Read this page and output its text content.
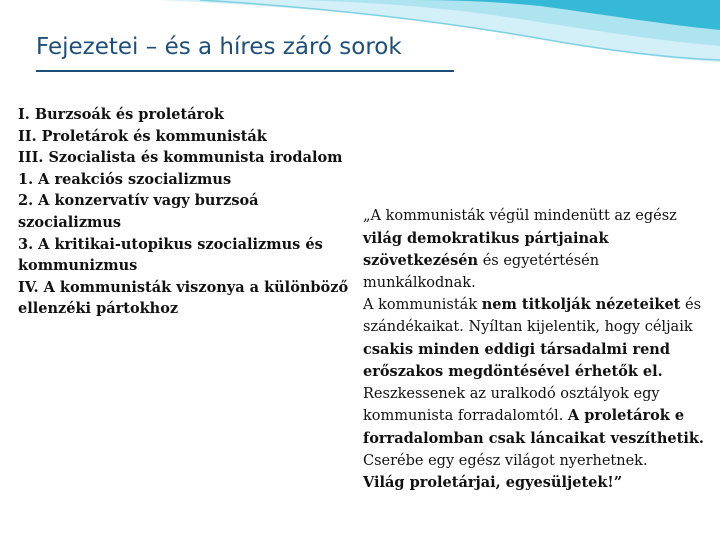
Fejezetei – és a híres záró sorok
I. Burzsoák és proletárok
II. Proletárok és kommunisták
III. Szocialista és kommunista irodalom
1. A reakciós szocializmus
2. A konzervatív vagy burzsoá szocializmus
3. A kritikai-utopikus szocializmus és kommunizmus
IV. A kommunisták viszonya a különböző ellenzéki pártokhoz

„A kommunisták végül mindenütt az egész világ demokratikus pártjainak szövetkezésén és egyetértésén munkálkodnak.

A kommunisták nem titkolják nézeteiket és szándékaikat. Nyíltan kijelentik, hogy céljaik csakis minden eddigi társadalmi rend erőszakos megdöntésével érhetők el. Reszkessenek az uralkodó osztályok egy kommunista forradalomtól. A proletárok e forradalomban csak láncaikat veszíthetik. Cserébe egy egész világot nyerhetnek.

Világ proletárjai, egyesüljetek!”
